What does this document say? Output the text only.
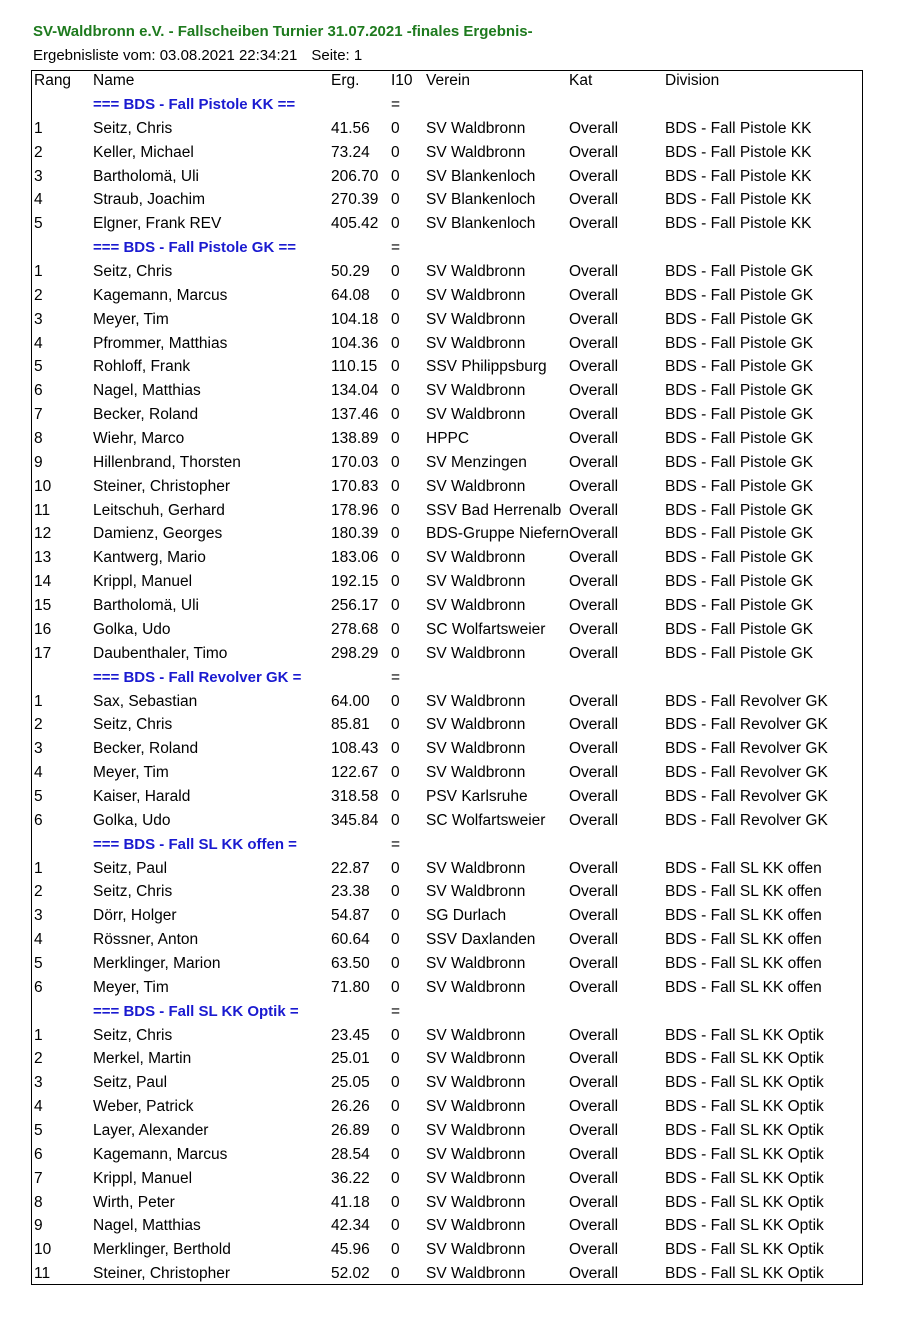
SV-Waldbronn e.V. - Fallscheiben Turnier 31.07.2021 -finales Ergebnis-
Ergebnisliste vom: 03.08.2021 22:34:21 Seite: 1
Rang	Name	Erg.	I10 Verein	Kat	Division
=== BDS - Fall Pistole KK ==	=
1	Seitz, Chris	41.56	0	SV Waldbronn	Overall	BDS - Fall Pistole KK
2	Keller, Michael	73.24	0	SV Waldbronn	Overall	BDS - Fall Pistole KK
3	Bartholomä, Uli	206.70 0	SV Blankenloch	Overall	BDS - Fall Pistole KK
4	Straub, Joachim	270.39 0	SV Blankenloch	Overall	BDS - Fall Pistole KK
5	Elgner, Frank REV	405.42 0	SV Blankenloch	Overall	BDS - Fall Pistole KK
=== BDS - Fall Pistole GK ==	=
1	Seitz, Chris	50.29	0	SV Waldbronn	Overall	BDS - Fall Pistole GK
2	Kagemann, Marcus	64.08	0	SV Waldbronn	Overall	BDS - Fall Pistole GK
3	Meyer, Tim	104.18 0	SV Waldbronn	Overall	BDS - Fall Pistole GK
4	Pfrommer, Matthias	104.36 0	SV Waldbronn	Overall	BDS - Fall Pistole GK
5	Rohloff, Frank	110.15 0	SSV Philippsburg	Overall	BDS - Fall Pistole GK
6	Nagel, Matthias	134.04 0	SV Waldbronn	Overall	BDS - Fall Pistole GK
7	Becker, Roland	137.46 0	SV Waldbronn	Overall	BDS - Fall Pistole GK
8	Wiehr, Marco	138.89 0	HPPC	Overall	BDS - Fall Pistole GK
9	Hillenbrand, Thorsten	170.03 0	SV Menzingen	Overall	BDS - Fall Pistole GK
10	Steiner, Christopher	170.83 0	SV Waldbronn	Overall	BDS - Fall Pistole GK
11	Leitschuh, Gerhard	178.96 0	SSV Bad Herrenalb Overall	BDS - Fall Pistole GK
12	Damienz, Georges	180.39 0	BDS-Gruppe Niefern Overall	BDS - Fall Pistole GK
13	Kantwerg, Mario	183.06 0	SV Waldbronn	Overall	BDS - Fall Pistole GK
14	Krippl, Manuel	192.15 0	SV Waldbronn	Overall	BDS - Fall Pistole GK
15	Bartholomä, Uli	256.17 0	SV Waldbronn	Overall	BDS - Fall Pistole GK
16	Golka, Udo	278.68 0	SC Wolfartsweier	Overall	BDS - Fall Pistole GK
17	Daubenthaler, Timo	298.29 0	SV Waldbronn	Overall	BDS - Fall Pistole GK
=== BDS - Fall Revolver GK =	=
1	Sax, Sebastian	64.00	0	SV Waldbronn	Overall	BDS - Fall Revolver GK
2	Seitz, Chris	85.81	0	SV Waldbronn	Overall	BDS - Fall Revolver GK
3	Becker, Roland	108.43 0	SV Waldbronn	Overall	BDS - Fall Revolver GK
4	Meyer, Tim	122.67 0	SV Waldbronn	Overall	BDS - Fall Revolver GK
5	Kaiser, Harald	318.58 0	PSV Karlsruhe	Overall	BDS - Fall Revolver GK
6	Golka, Udo	345.84 0	SC Wolfartsweier	Overall	BDS - Fall Revolver GK
=== BDS - Fall SL KK offen =	=
1	Seitz, Paul	22.87	0	SV Waldbronn	Overall	BDS - Fall SL KK offen
2	Seitz, Chris	23.38	0	SV Waldbronn	Overall	BDS - Fall SL KK offen
3	Dörr, Holger	54.87	0	SG Durlach	Overall	BDS - Fall SL KK offen
4	Rössner, Anton	60.64	0	SSV Daxlanden	Overall	BDS - Fall SL KK offen
5	Merklinger, Marion	63.50	0	SV Waldbronn	Overall	BDS - Fall SL KK offen
6	Meyer, Tim	71.80	0	SV Waldbronn	Overall	BDS - Fall SL KK offen
=== BDS - Fall SL KK Optik =	=
1	Seitz, Chris	23.45	0	SV Waldbronn	Overall	BDS - Fall SL KK Optik
2	Merkel, Martin	25.01	0	SV Waldbronn	Overall	BDS - Fall SL KK Optik
3	Seitz, Paul	25.05	0	SV Waldbronn	Overall	BDS - Fall SL KK Optik
4	Weber, Patrick	26.26	0	SV Waldbronn	Overall	BDS - Fall SL KK Optik
5	Layer, Alexander	26.89	0	SV Waldbronn	Overall	BDS - Fall SL KK Optik
6	Kagemann, Marcus	28.54	0	SV Waldbronn	Overall	BDS - Fall SL KK Optik
7	Krippl, Manuel	36.22	0	SV Waldbronn	Overall	BDS - Fall SL KK Optik
8	Wirth, Peter	41.18	0	SV Waldbronn	Overall	BDS - Fall SL KK Optik
9	Nagel, Matthias	42.34	0	SV Waldbronn	Overall	BDS - Fall SL KK Optik
10	Merklinger, Berthold	45.96	0	SV Waldbronn	Overall	BDS - Fall SL KK Optik
11	Steiner, Christopher	52.02	0	SV Waldbronn	Overall	BDS - Fall SL KK Optik
